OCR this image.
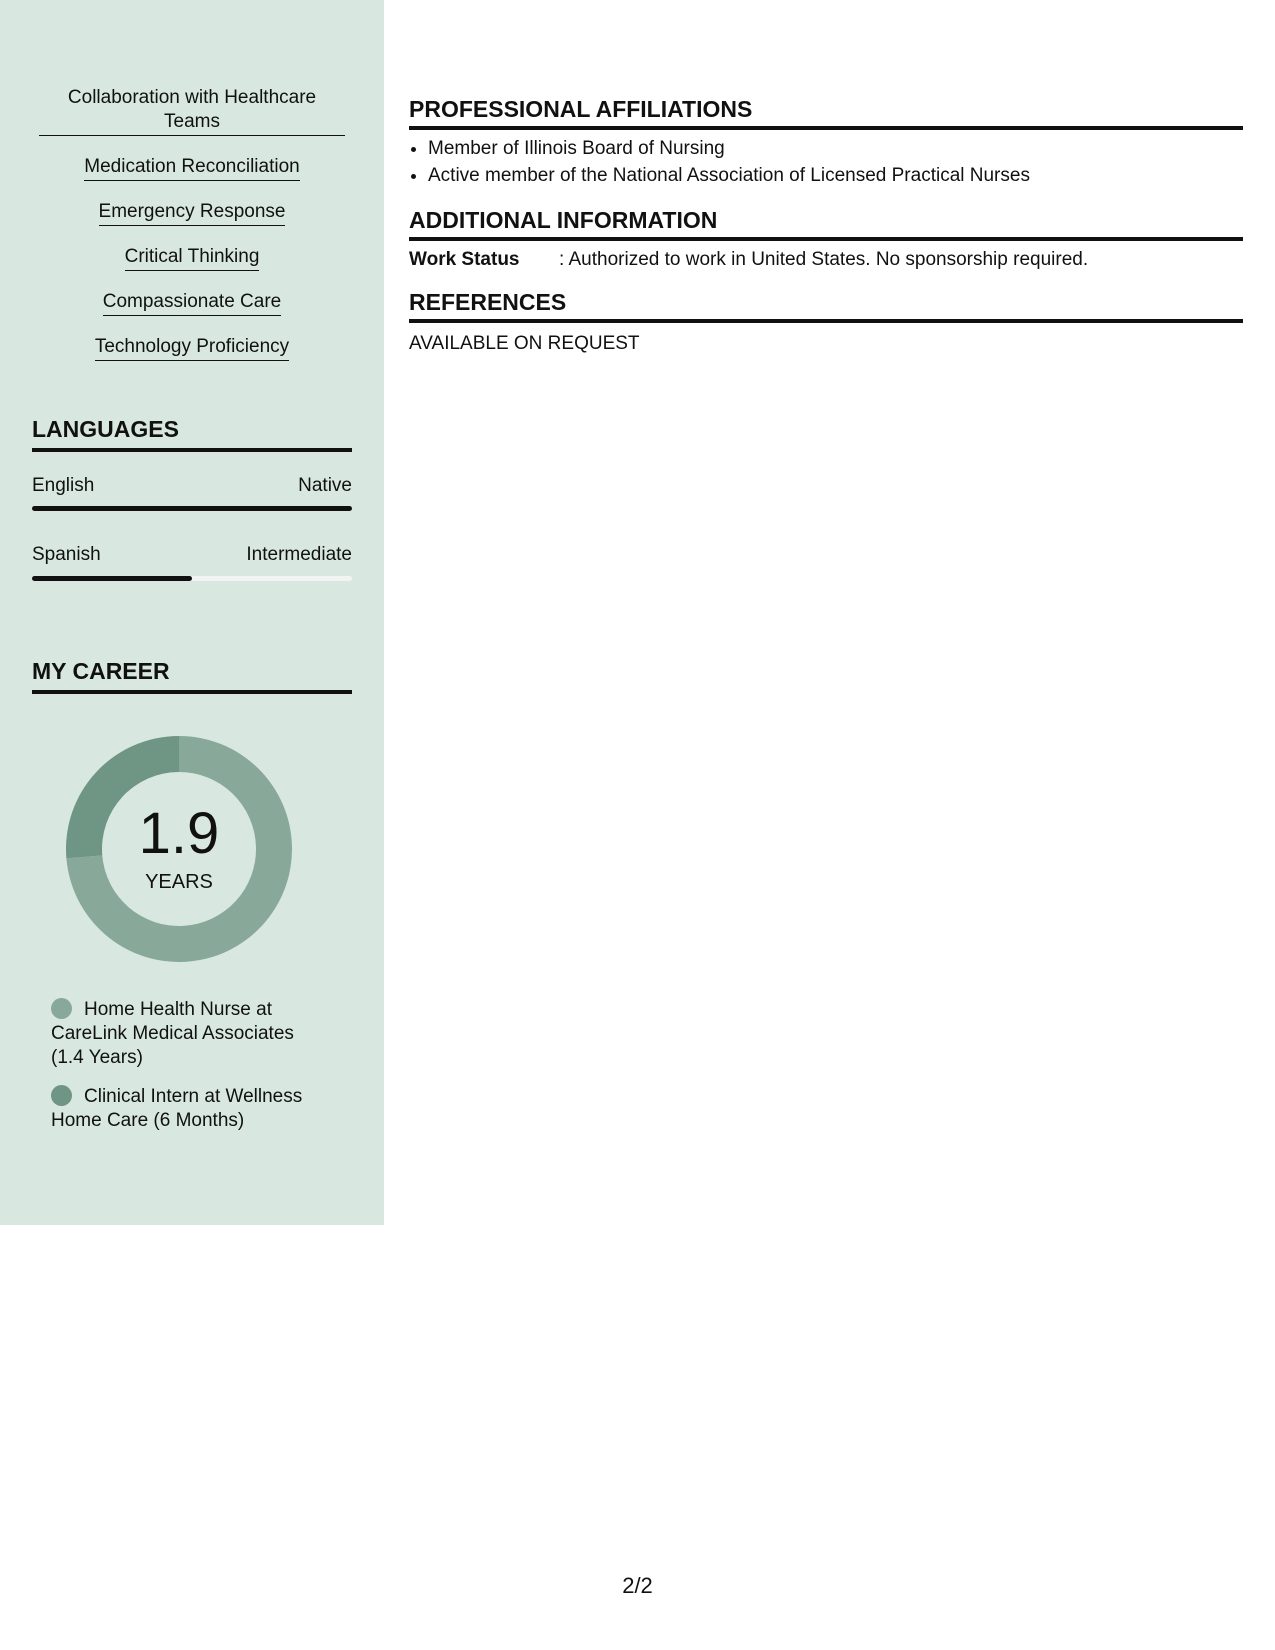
Collaboration with Healthcare Teams
Medication Reconciliation
Emergency Response
Critical Thinking
Compassionate Care
Technology Proficiency
LANGUAGES
English	Native
Spanish	Intermediate
MY CAREER
1.9
YEARS
Home Health Nurse at CareLink Medical Associates (1.4 Years)
Clinical Intern at Wellness Home Care (6 Months)
PROFESSIONAL AFFILIATIONS
• Member of Illinois Board of Nursing
• Active member of the National Association of Licensed Practical Nurses
ADDITIONAL INFORMATION
Work Status : Authorized to work in United States. No sponsorship required.
REFERENCES
AVAILABLE ON REQUEST
2/2
